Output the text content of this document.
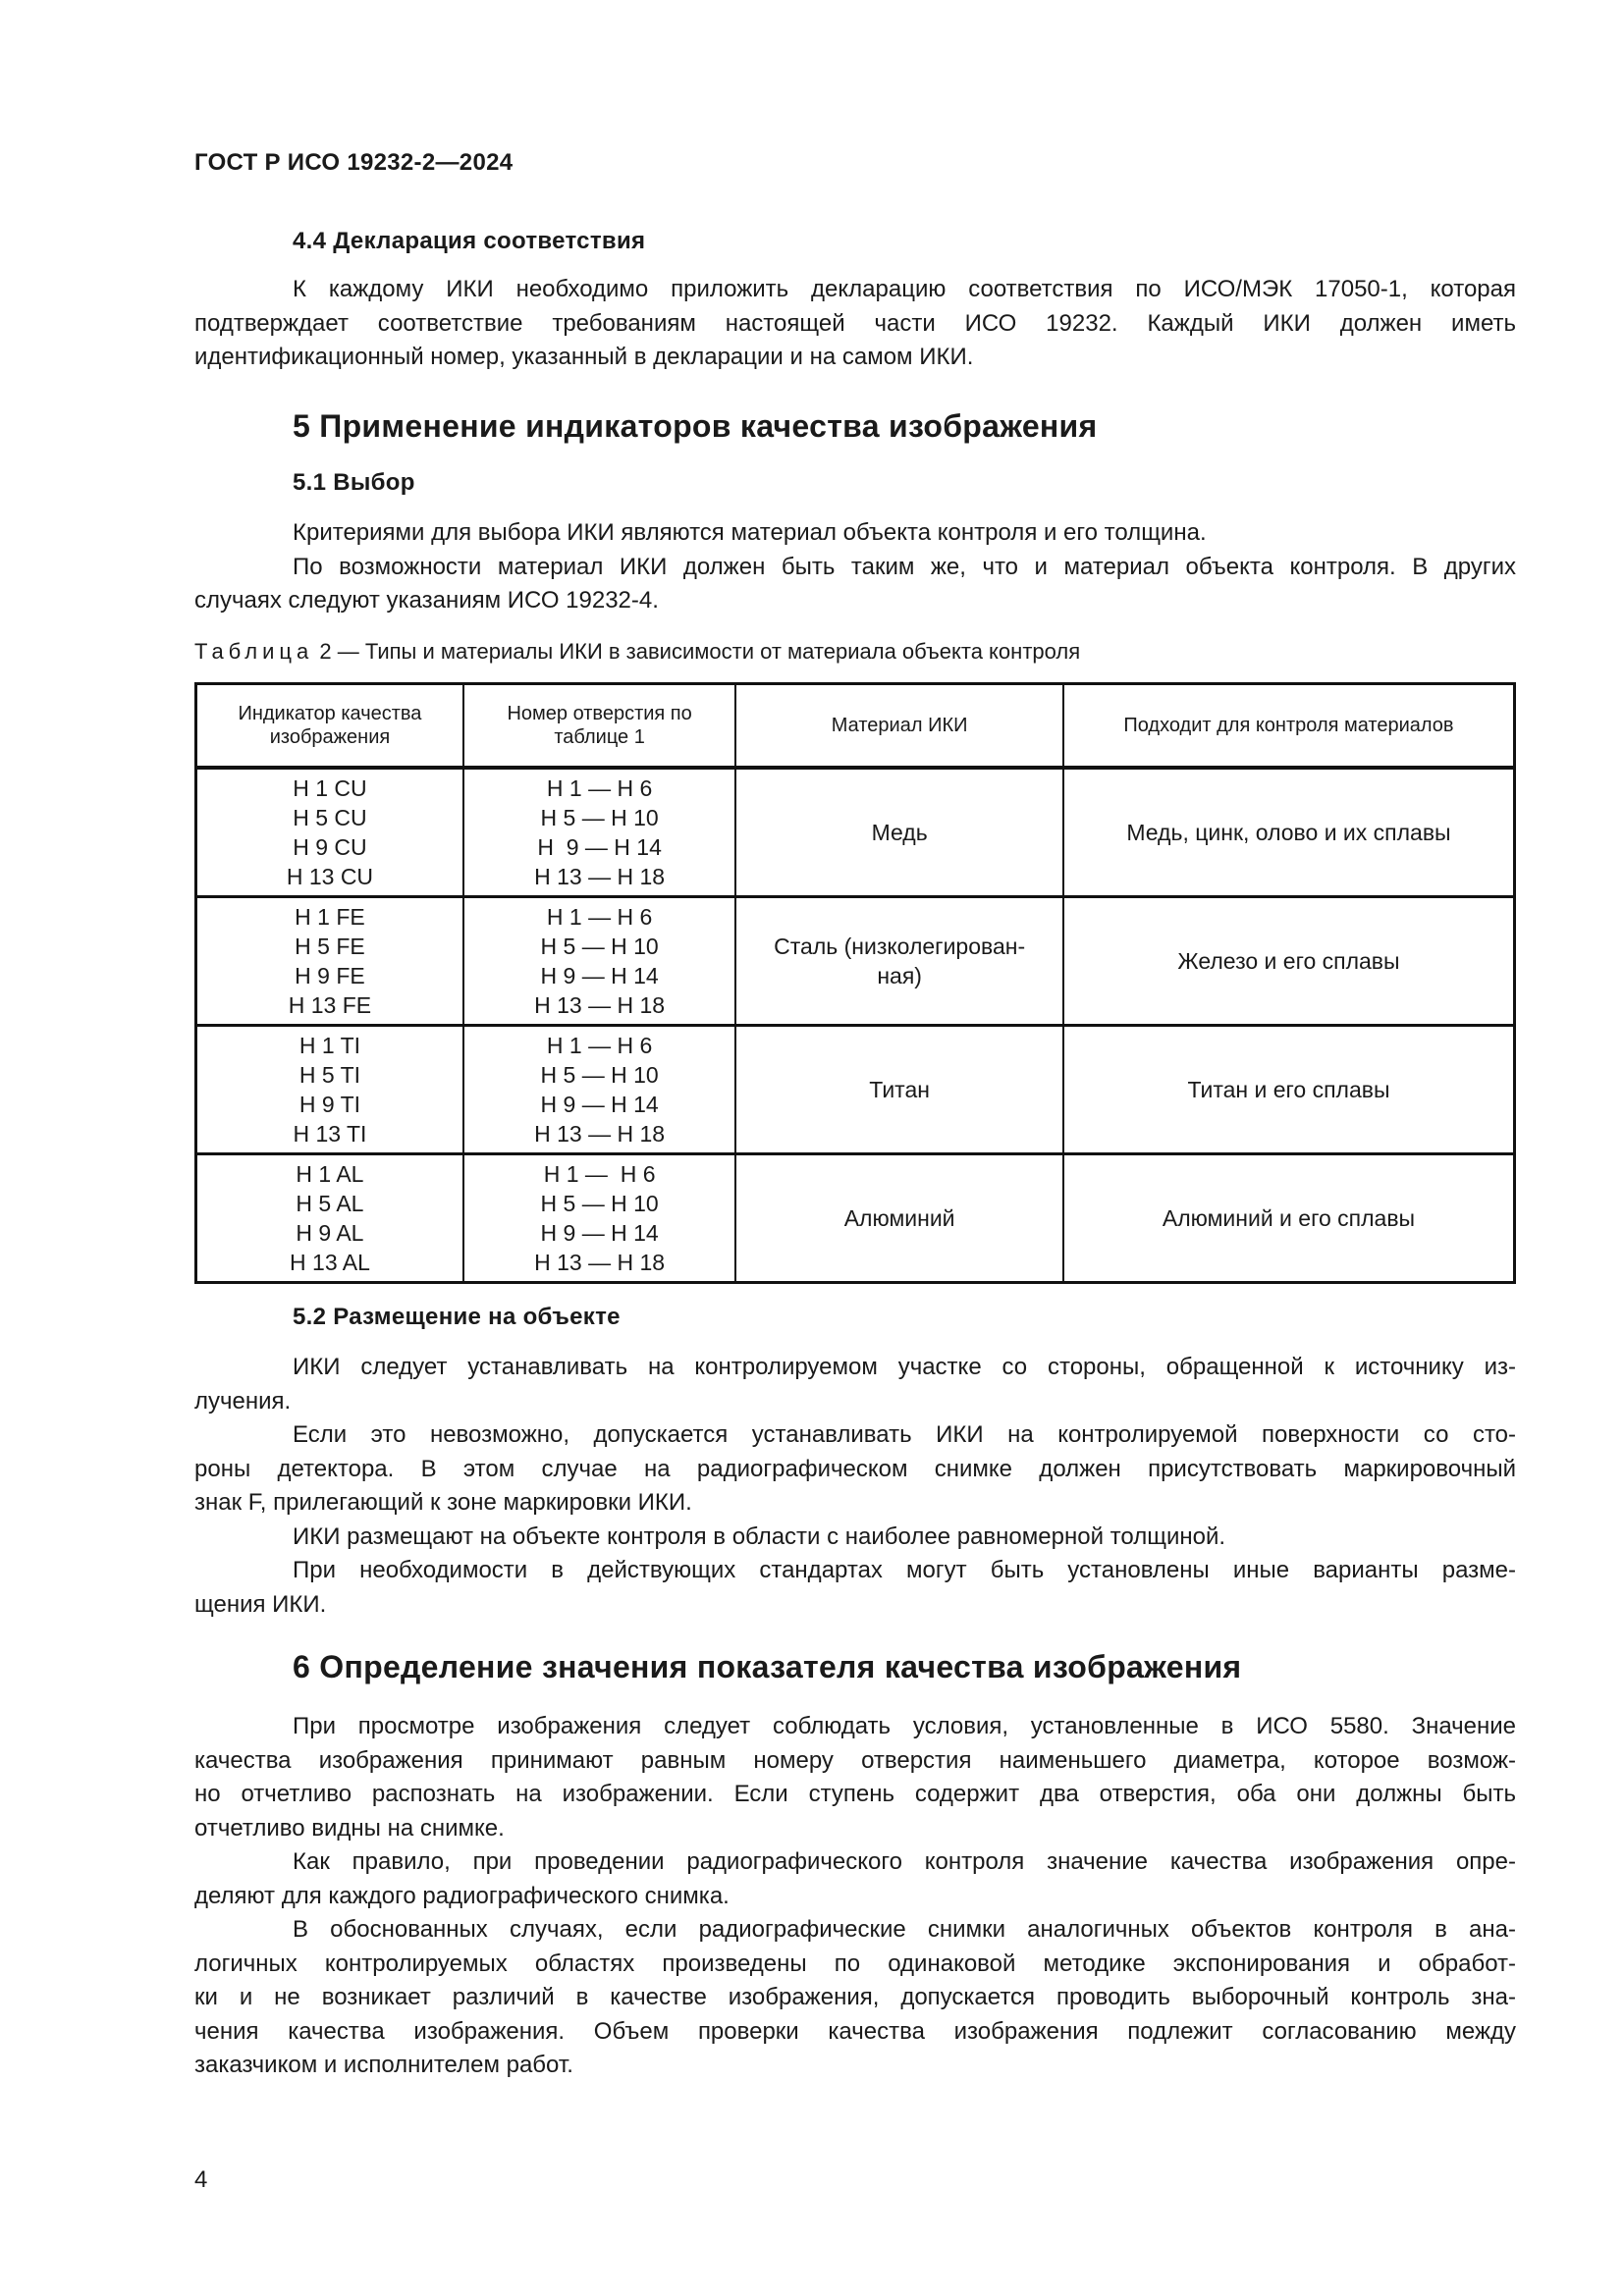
ГОСТ Р ИСО 19232-2—2024
4.4 Декларация соответствия
К каждому ИКИ необходимо приложить декларацию соответствия по ИСО/МЭК 17050-1, которая
подтверждает соответствие требованиям настоящей части ИСО 19232. Каждый ИКИ должен иметь
идентификационный номер, указанный в декларации и на самом ИКИ.
5 Применение индикаторов качества изображения
5.1 Выбор
Критериями для выбора ИКИ являются материал объекта контроля и его толщина.
По возможности материал ИКИ должен быть таким же, что и материал объекта контроля. В других
случаях следуют указаниям ИСО 19232-4.
Таблица 2 — Типы и материалы ИКИ в зависимости от материала объекта контроля
Индикатор качества изображения	Номер отверстия по таблице 1	Материал ИКИ	Подходит для контроля материалов

H 1 CU
H 5 CU
H 9 CU
H 13 CU	H 1 — H 6
H 5 — H 10
H  9 — H 14
H 13 — H 18	Медь	Медь, цинк, олово и их сплавы

H 1 FE
H 5 FE
H 9 FE
H 13 FE	H 1 — H 6
H 5 — H 10
H 9 — H 14
H 13 — H 18	Сталь (низколегирован-ная)	Железо и его сплавы

H 1 TI
H 5 TI
H 9 TI
H 13 TI	H 1 — H 6
H 5 — H 10
H 9 — H 14
H 13 — H 18	Титан	Титан и его сплавы

H 1 AL
H 5 AL
H 9 AL
H 13 AL	H 1 —  H 6
H 5 — H 10
H 9 — H 14
H 13 — H 18	Алюминий	Алюминий и его сплавы
5.2 Размещение на объекте
ИКИ следует устанавливать на контролируемом участке со стороны, обращенной к источнику из-
лучения.
Если это невозможно, допускается устанавливать ИКИ на контролируемой поверхности со сто-
роны детектора. В этом случае на радиографическом снимке должен присутствовать маркировочный
знак F, прилегающий к зоне маркировки ИКИ.
ИКИ размещают на объекте контроля в области с наиболее равномерной толщиной.
При необходимости в действующих стандартах могут быть установлены иные варианты разме-
щения ИКИ.
6 Определение значения показателя качества изображения
При просмотре изображения следует соблюдать условия, установленные в ИСО 5580. Значение
качества изображения принимают равным номеру отверстия наименьшего диаметра, которое возмож-
но отчетливо распознать на изображении. Если ступень содержит два отверстия, оба они должны быть
отчетливо видны на снимке.
Как правило, при проведении радиографического контроля значение качества изображения опре-
деляют для каждого радиографического снимка.
В обоснованных случаях, если радиографические снимки аналогичных объектов контроля в ана-
логичных контролируемых областях произведены по одинаковой методике экспонирования и обработ-
ки и не возникает различий в качестве изображения, допускается проводить выборочный контроль зна-
чения качества изображения. Объем проверки качества изображения подлежит согласованию между
заказчиком и исполнителем работ.
4
